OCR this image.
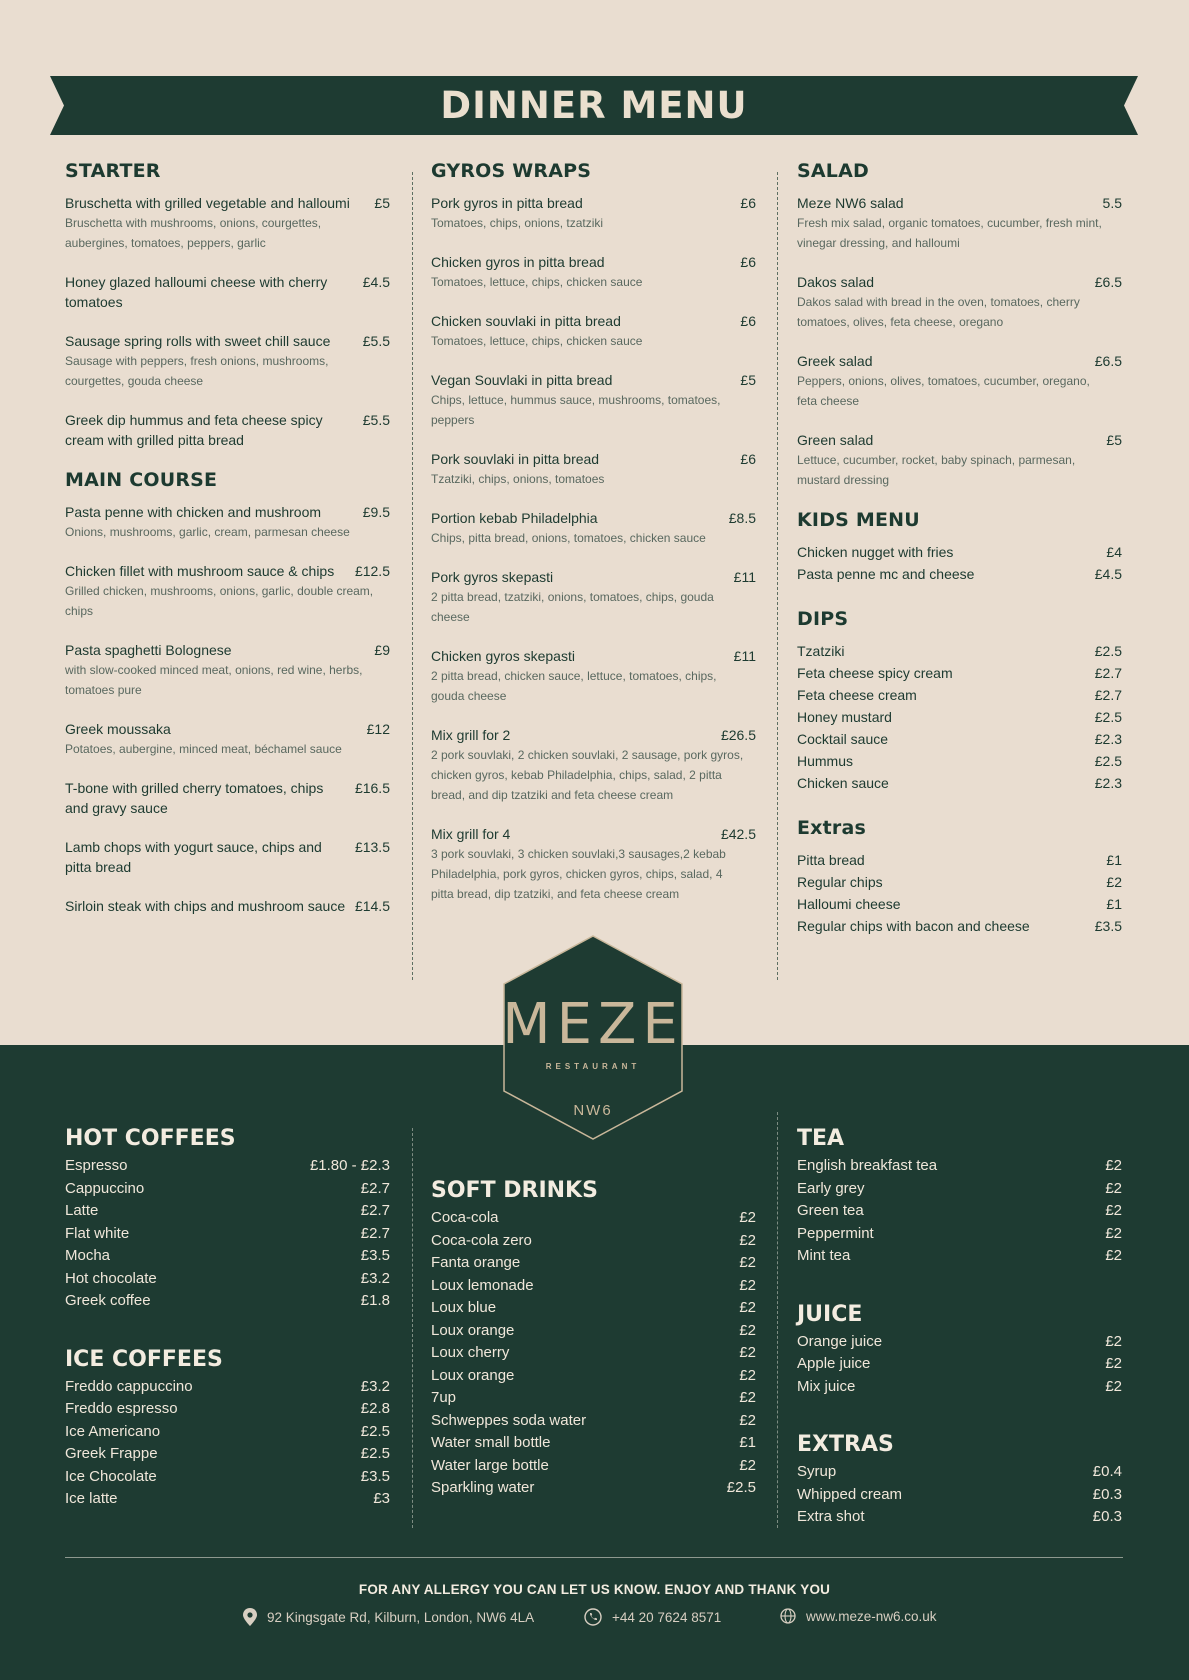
DINNER MENU
STARTER
Bruschetta with grilled vegetable and halloumi	£5
Bruschetta with mushrooms, onions, courgettes, aubergines, tomatoes, peppers, garlic
Honey glazed halloumi cheese with cherry tomatoes
£4.5
Sausage spring rolls with sweet chill sauce	£5.5
Sausage with peppers, fresh onions, mushrooms, courgettes, gouda cheese
Greek dip hummus and feta cheese spicy cream with grilled pitta bread
£5.5
MAIN COURSE
Pasta penne with chicken and mushroom	£9.5
Onions, mushrooms, garlic, cream, parmesan cheese
Chicken fillet with mushroom sauce & chips	£12.5
Grilled chicken, mushrooms, onions, garlic, double cream, chips
Pasta spaghetti Bolognese	£9
with slow-cooked minced meat, onions, red wine, herbs, tomatoes pure
Greek moussaka	£12
Potatoes, aubergine, minced meat, béchamel sauce
T-bone with grilled cherry tomatoes, chips and gravy sauce
£16.5
Lamb chops with yogurt sauce, chips and pitta bread
£13.5
Sirloin steak with chips and mushroom sauce £14.5
GYROS WRAPS
Pork gyros in pitta bread	£6
Tomatoes, chips, onions, tzatziki
Chicken gyros in pitta bread	£6
Tomatoes, lettuce, chips, chicken sauce
Chicken souvlaki in pitta bread	£6
Tomatoes, lettuce, chips, chicken sauce
Vegan Souvlaki in pitta bread	£5
Chips, lettuce, hummus sauce, mushrooms, tomatoes, peppers
Pork souvlaki in pitta bread	£6
Tzatziki, chips, onions, tomatoes
Portion kebab Philadelphia	£8.5
Chips, pitta bread, onions, tomatoes, chicken sauce
Pork gyros skepasti	£11
2 pitta bread, tzatziki, onions, tomatoes, chips, gouda cheese
Chicken gyros skepasti	£11
2 pitta bread, chicken sauce, lettuce, tomatoes, chips, gouda cheese
Mix grill for 2	£26.5
2 pork souvlaki, 2 chicken souvlaki, 2 sausage, pork gyros, chicken gyros, kebab Philadelphia, chips, salad, 2 pitta bread, and dip tzatziki and feta cheese cream
Mix grill for 4	£42.5
3 pork souvlaki, 3 chicken souvlaki,3 sausages,2 kebab Philadelphia, pork gyros, chicken gyros, chips, salad, 4 pitta bread, dip tzatziki, and feta cheese cream
SALAD
Meze NW6 salad	5.5
Fresh mix salad, organic tomatoes, cucumber, fresh mint, vinegar dressing, and halloumi
Dakos salad	£6.5
Dakos salad with bread in the oven, tomatoes, cherry tomatoes, olives, feta cheese, oregano
Greek salad	£6.5
Peppers, onions, olives, tomatoes, cucumber, oregano, feta cheese
Green salad	£5
Lettuce, cucumber, rocket, baby spinach, parmesan, mustard dressing
KIDS MENU
Chicken nugget with fries	£4
Pasta penne mc and cheese	£4.5
DIPS
Tzatziki	£2.5
Feta cheese spicy cream	£2.7
Feta cheese cream	£2.7
Honey mustard	£2.5
Cocktail sauce	£2.3
Hummus	£2.5
Chicken sauce	£2.3
Extras
Pitta bread	£1
Regular chips	£2
Halloumi cheese	£1
Regular chips with bacon and cheese	£3.5
MEZE
RESTAURANT
NW6
HOT COFFEES
Espresso	£1.80 - £2.3
Cappuccino	£2.7
Latte	£2.7
Flat white	£2.7
Mocha	£3.5
Hot chocolate	£3.2
Greek coffee	£1.8
ICE COFFEES
Freddo cappuccino	£3.2
Freddo espresso	£2.8
Ice Americano	£2.5
Greek Frappe	£2.5
Ice Chocolate	£3.5
Ice latte	£3
SOFT DRINKS
Coca-cola	£2
Coca-cola zero	£2
Fanta orange	£2
Loux lemonade	£2
Loux blue	£2
Loux orange	£2
Loux cherry	£2
Loux orange	£2
7up	£2
Schweppes soda water	£2
Water small bottle	£1
Water large bottle	£2
Sparkling water	£2.5
TEA
English breakfast tea	£2
Early grey	£2
Green tea	£2
Peppermint	£2
Mint tea	£2
JUICE
Orange juice	£2
Apple juice	£2
Mix juice	£2
EXTRAS
Syrup	£0.4
Whipped cream	£0.3
Extra shot	£0.3
FOR ANY ALLERGY YOU CAN LET US KNOW. ENJOY AND THANK YOU
92 Kingsgate Rd, Kilburn, London, NW6 4LA	+44 20 7624 8571	www.meze-nw6.co.uk
